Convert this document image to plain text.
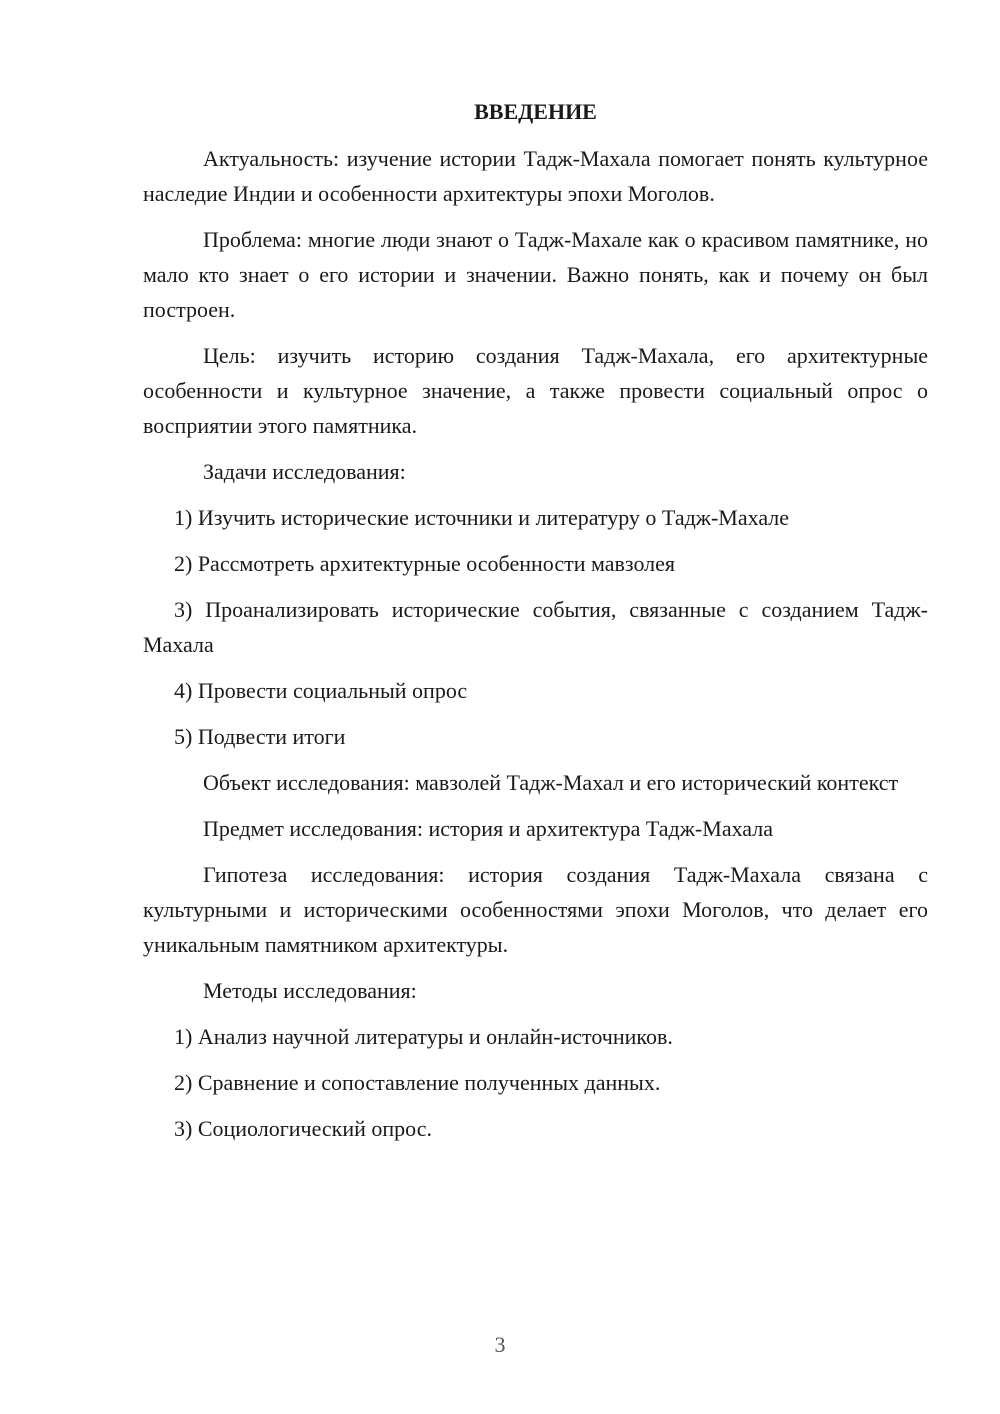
ВВЕДЕНИЕ

Актуальность: изучение истории Тадж-Махала помогает понять культурное наследие Индии и особенности архитектуры эпохи Моголов.

Проблема: многие люди знают о Тадж-Махале как о красивом памятнике, но мало кто знает о его истории и значении. Важно понять, как и почему он был построен.

Цель: изучить историю создания Тадж-Махала, его архитектурные особенности и культурное значение, а также провести социальный опрос о восприятии этого памятника.

Задачи исследования:

1) Изучить исторические источники и литературу о Тадж-Махале

2) Рассмотреть архитектурные особенности мавзолея

3) Проанализировать исторические события, связанные с созданием Тадж-Махала

4) Провести социальный опрос

5) Подвести итоги

Объект исследования: мавзолей Тадж-Махал и его исторический контекст

Предмет исследования: история и архитектура Тадж-Махала

Гипотеза исследования: история создания Тадж-Махала связана с культурными и историческими особенностями эпохи Моголов, что делает его уникальным памятником архитектуры.

Методы исследования:

1) Анализ научной литературы и онлайн-источников.

2) Сравнение и сопоставление полученных данных.

3) Социологический опрос.

3
